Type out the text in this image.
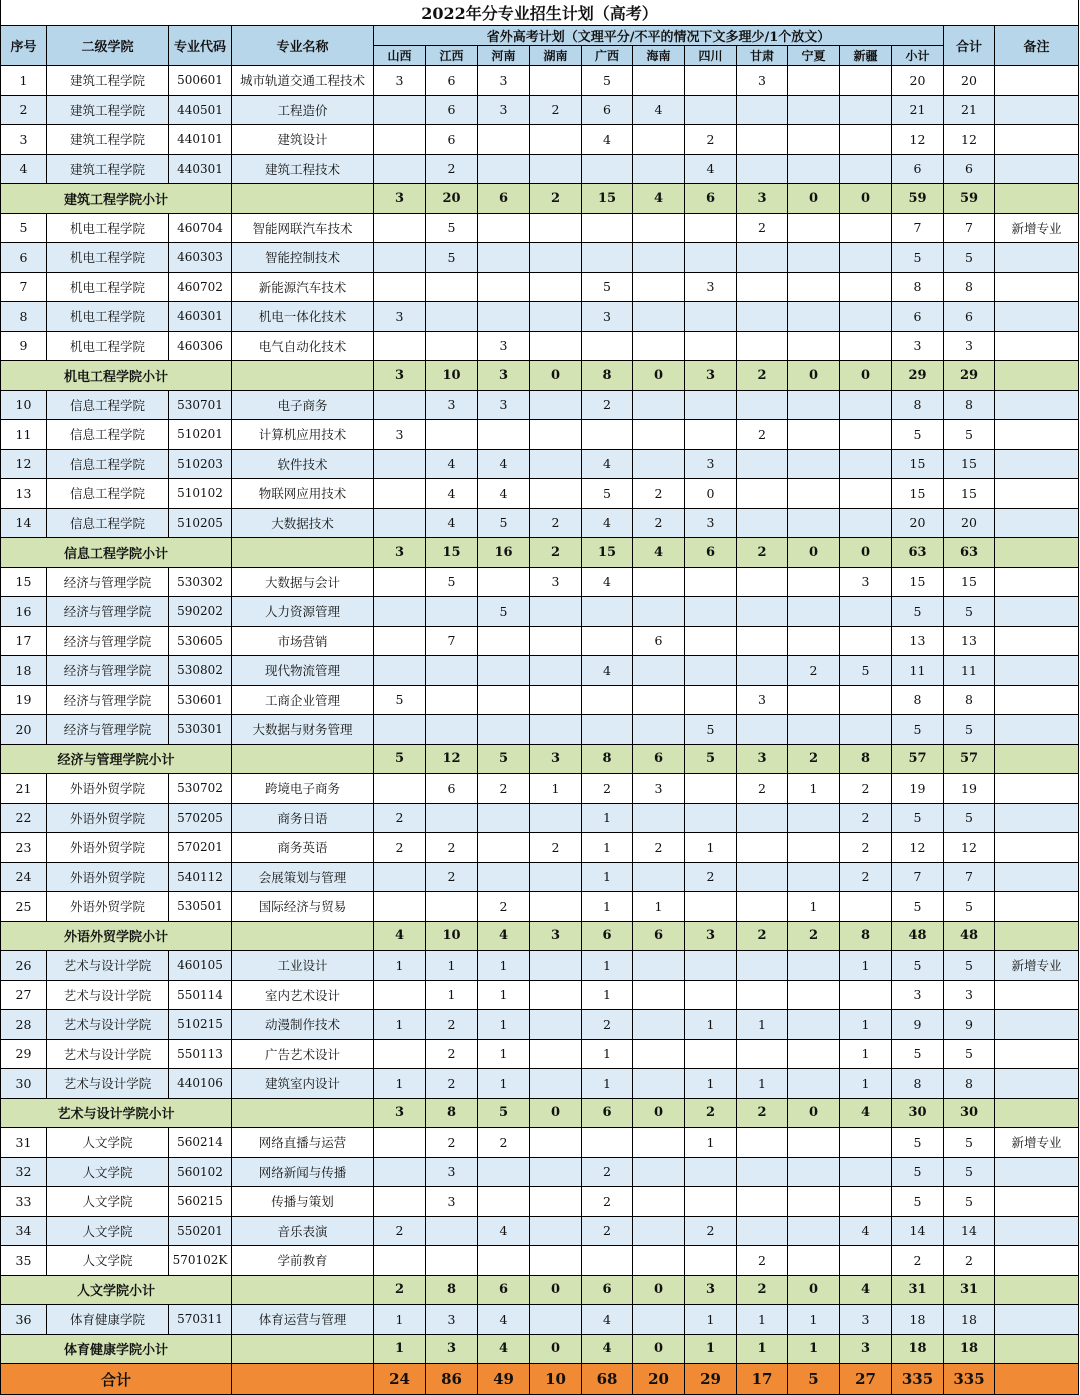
2022年分专业招生计划（高考）																
序号	二级学院	专业代码	专业名称	省外高考计划（文理平分/不平的情况下文多理少/1个放文）											合计	备注
				山西	江西	河南	湖南	广西	海南	四川	甘肃	宁夏	新疆	小计		
1	建筑工程学院	500601	城市轨道交通工程技术	3	6	3		5			3			20	20	
2	建筑工程学院	440501	工程造价		6	3	2	6	4					21	21	
3	建筑工程学院	440101	建筑设计		6			4		2				12	12	
4	建筑工程学院	440301	建筑工程技术		2					4				6	6	
建筑工程学院小计				3	20	6	2	15	4	6	3	0	0	59	59	
5	机电工程学院	460704	智能网联汽车技术		5						2			7	7	新增专业
6	机电工程学院	460303	智能控制技术		5									5	5	
7	机电工程学院	460702	新能源汽车技术					5		3				8	8	
8	机电工程学院	460301	机电一体化技术	3				3						6	6	
9	机电工程学院	460306	电气自动化技术			3								3	3	
机电工程学院小计				3	10	3	0	8	0	3	2	0	0	29	29	
10	信息工程学院	530701	电子商务		3	3		2						8	8	
11	信息工程学院	510201	计算机应用技术	3							2			5	5	
12	信息工程学院	510203	软件技术		4	4		4		3				15	15	
13	信息工程学院	510102	物联网应用技术		4	4		5	2	0				15	15	
14	信息工程学院	510205	大数据技术		4	5	2	4	2	3				20	20	
信息工程学院小计				3	15	16	2	15	4	6	2	0	0	63	63	
15	经济与管理学院	530302	大数据与会计		5		3	4					3	15	15	
16	经济与管理学院	590202	人力资源管理			5								5	5	
17	经济与管理学院	530605	市场营销		7				6					13	13	
18	经济与管理学院	530802	现代物流管理					4				2	5	11	11	
19	经济与管理学院	530601	工商企业管理	5							3			8	8	
20	经济与管理学院	530301	大数据与财务管理							5				5	5	
经济与管理学院小计				5	12	5	3	8	6	5	3	2	8	57	57	
21	外语外贸学院	530702	跨境电子商务		6	2	1	2	3		2	1	2	19	19	
22	外语外贸学院	570205	商务日语	2				1					2	5	5	
23	外语外贸学院	570201	商务英语	2	2		2	1	2	1			2	12	12	
24	外语外贸学院	540112	会展策划与管理		2			1		2			2	7	7	
25	外语外贸学院	530501	国际经济与贸易			2		1	1			1		5	5	
外语外贸学院小计				4	10	4	3	6	6	3	2	2	8	48	48	
26	艺术与设计学院	460105	工业设计	1	1	1		1					1	5	5	新增专业
27	艺术与设计学院	550114	室内艺术设计		1	1		1						3	3	
28	艺术与设计学院	510215	动漫制作技术	1	2	1		2		1	1		1	9	9	
29	艺术与设计学院	550113	广告艺术设计		2	1		1					1	5	5	
30	艺术与设计学院	440106	建筑室内设计	1	2	1		1		1	1		1	8	8	
艺术与设计学院小计				3	8	5	0	6	0	2	2	0	4	30	30	
31	人文学院	560214	网络直播与运营		2	2				1				5	5	新增专业
32	人文学院	560102	网络新闻与传播		3			2						5	5	
33	人文学院	560215	传播与策划		3			2						5	5	
34	人文学院	550201	音乐表演	2		4		2		2			4	14	14	
35	人文学院	570102K	学前教育								2			2	2	
人文学院小计				2	8	6	0	6	0	3	2	0	4	31	31	
36	体育健康学院	570311	体育运营与管理	1	3	4		4		1	1	1	3	18	18	
体育健康学院小计				1	3	4	0	4	0	1	1	1	3	18	18	
合计				24	86	49	10	68	20	29	17	5	27	335	335	
